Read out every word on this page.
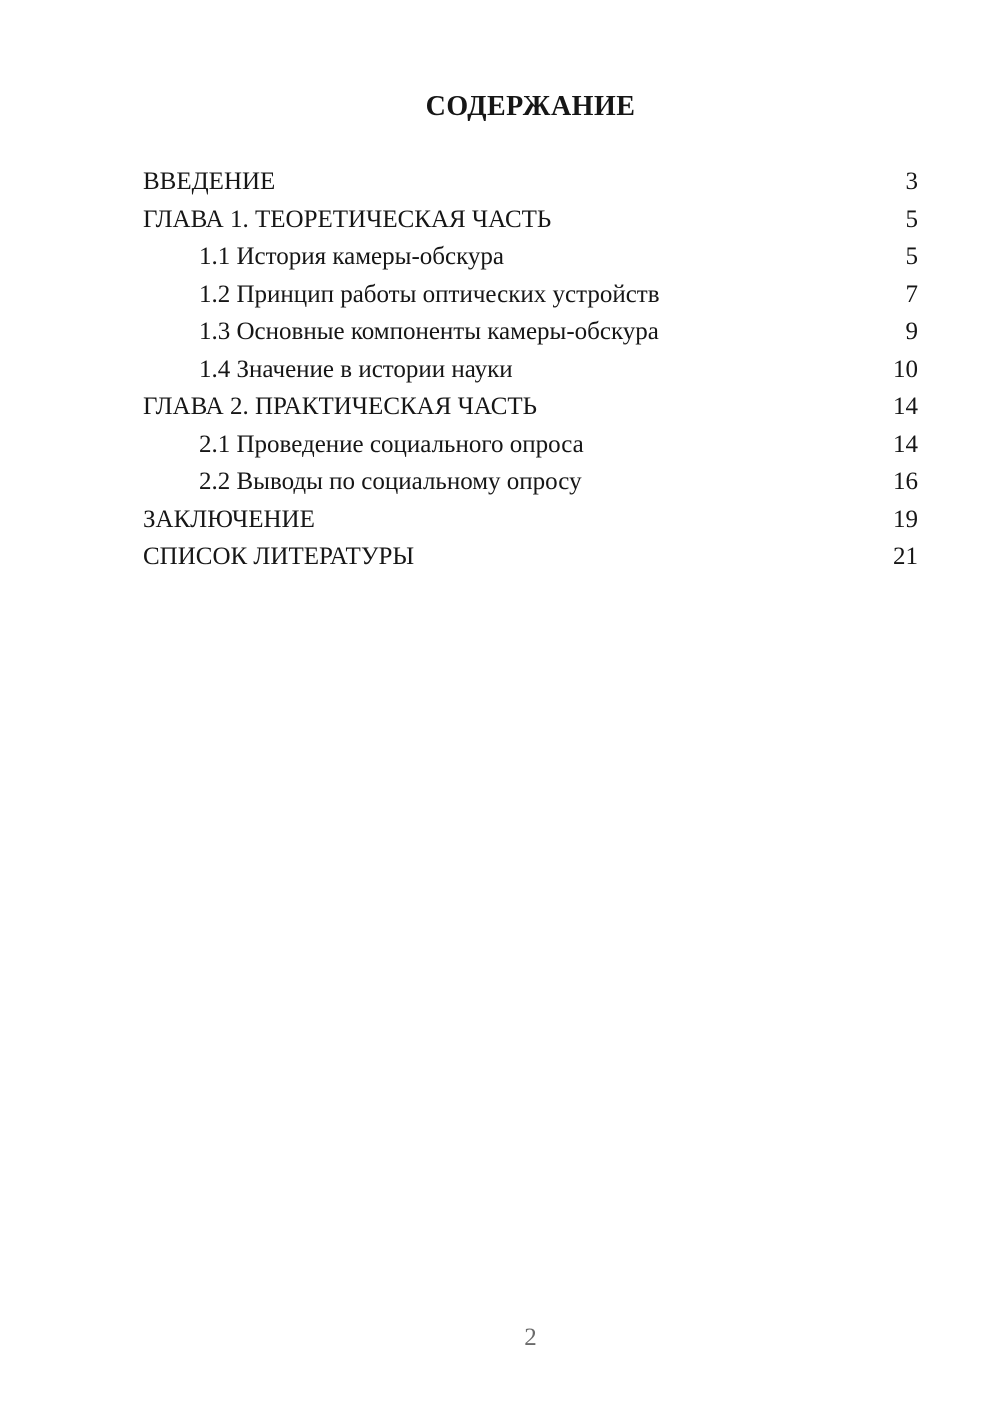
СОДЕРЖАНИЕ
ВВЕДЕНИЕ	3
ГЛАВА 1. ТЕОРЕТИЧЕСКАЯ ЧАСТЬ	5
1.1 История камеры-обскура	5
1.2 Принцип работы оптических устройств	7
1.3 Основные компоненты камеры-обскура	9
1.4 Значение в истории науки	10
ГЛАВА 2. ПРАКТИЧЕСКАЯ ЧАСТЬ	14
2.1 Проведение социального опроса	14
2.2 Выводы по социальному опросу	16
ЗАКЛЮЧЕНИЕ	19
СПИСОК ЛИТЕРАТУРЫ	21
2
